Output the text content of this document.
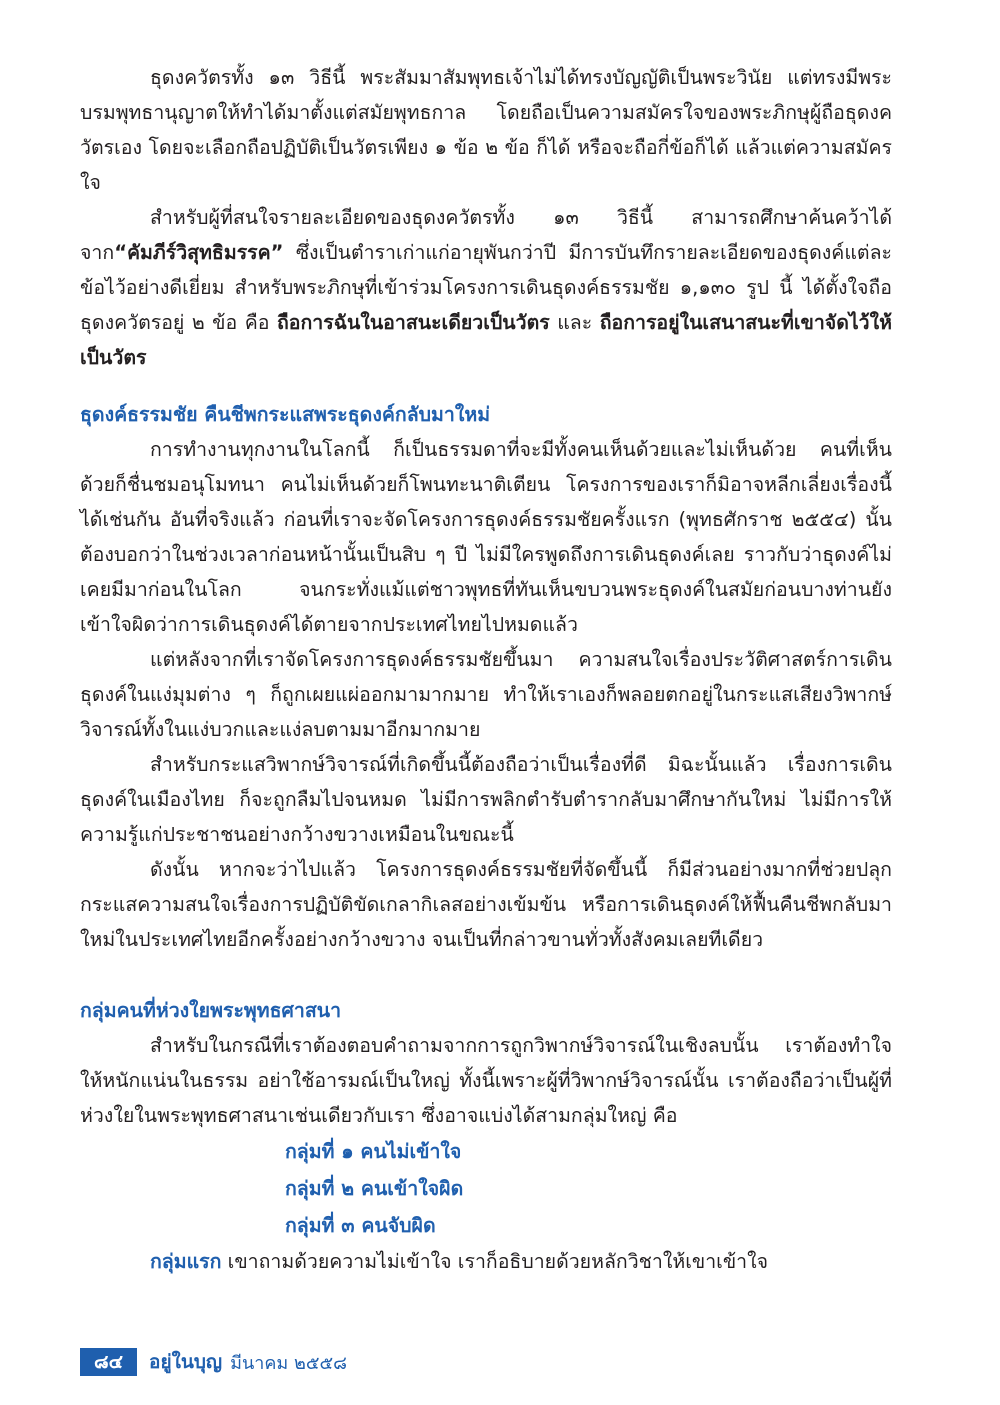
ธุดงควัตรทั้ง ๑๓ วิธีนี้ พระสัมมาสัมพุทธเจ้าไม่ได้ทรงบัญญัติเป็นพระวินัย แต่ทรงมีพระบรมพุทธานุญาตให้ทำได้มาตั้งแต่สมัยพุทธกาล โดยถือเป็นความสมัครใจของพระภิกษุผู้ถือธุดงควัตรเอง โดยจะเลือกถือปฏิบัติเป็นวัตรเพียง ๑ ข้อ ๒ ข้อ ก็ได้ หรือจะถือกี่ข้อก็ได้ แล้วแต่ความสมัครใจ

สำหรับผู้ที่สนใจรายละเอียดของธุดงควัตรทั้ง ๑๓ วิธีนี้ สามารถศึกษาค้นคว้าได้จาก“คัมภีร์วิสุทธิมรรค” ซึ่งเป็นตำราเก่าแก่อายุพันกว่าปี มีการบันทึกรายละเอียดของธุดงค์แต่ละข้อไว้อย่างดีเยี่ยม สำหรับพระภิกษุที่เข้าร่วมโครงการเดินธุดงค์ธรรมชัย ๑,๑๓๐ รูป นี้ ได้ตั้งใจถือธุดงควัตรอยู่ ๒ ข้อ คือ ถือการฉันในอาสนะเดียวเป็นวัตร และ ถือการอยู่ในเสนาสนะที่เขาจัดไว้ให้เป็นวัตร

ธุดงค์ธรรมชัย คืนชีพกระแสพระธุดงค์กลับมาใหม่

การทำงานทุกงานในโลกนี้ ก็เป็นธรรมดาที่จะมีทั้งคนเห็นด้วยและไม่เห็นด้วย คนที่เห็นด้วยก็ชื่นชมอนุโมทนา คนไม่เห็นด้วยก็โพนทะนาติเตียน โครงการของเราก็มิอาจหลีกเลี่ยงเรื่องนี้ได้เช่นกัน อันที่จริงแล้ว ก่อนที่เราจะจัดโครงการธุดงค์ธรรมชัยครั้งแรก (พุทธศักราช ๒๕๕๔) นั้น ต้องบอกว่าในช่วงเวลาก่อนหน้านั้นเป็นสิบ ๆ ปี ไม่มีใครพูดถึงการเดินธุดงค์เลย ราวกับว่าธุดงค์ไม่เคยมีมาก่อนในโลก จนกระทั่งแม้แต่ชาวพุทธที่ทันเห็นขบวนพระธุดงค์ในสมัยก่อนบางท่านยังเข้าใจผิดว่าการเดินธุดงค์ได้ตายจากประเทศไทยไปหมดแล้ว

แต่หลังจากที่เราจัดโครงการธุดงค์ธรรมชัยขึ้นมา ความสนใจเรื่องประวัติศาสตร์การเดินธุดงค์ในแง่มุมต่าง ๆ ก็ถูกเผยแผ่ออกมามากมาย ทำให้เราเองก็พลอยตกอยู่ในกระแสเสียงวิพากษ์วิจารณ์ทั้งในแง่บวกและแง่ลบตามมาอีกมากมาย

สำหรับกระแสวิพากษ์วิจารณ์ที่เกิดขึ้นนี้ต้องถือว่าเป็นเรื่องที่ดี มิฉะนั้นแล้ว เรื่องการเดินธุดงค์ในเมืองไทย ก็จะถูกลืมไปจนหมด ไม่มีการพลิกตำรับตำรากลับมาศึกษากันใหม่ ไม่มีการให้ความรู้แก่ประชาชนอย่างกว้างขวางเหมือนในขณะนี้

ดังนั้น หากจะว่าไปแล้ว โครงการธุดงค์ธรรมชัยที่จัดขึ้นนี้ ก็มีส่วนอย่างมากที่ช่วยปลุกกระแสความสนใจเรื่องการปฏิบัติขัดเกลากิเลสอย่างเข้มข้น หรือการเดินธุดงค์ให้ฟื้นคืนชีพกลับมาใหม่ในประเทศไทยอีกครั้งอย่างกว้างขวาง จนเป็นที่กล่าวขานทั่วทั้งสังคมเลยทีเดียว

กลุ่มคนที่ห่วงใยพระพุทธศาสนา

สำหรับในกรณีที่เราต้องตอบคำถามจากการถูกวิพากษ์วิจารณ์ในเชิงลบนั้น เราต้องทำใจให้หนักแน่นในธรรม อย่าใช้อารมณ์เป็นใหญ่ ทั้งนี้เพราะผู้ที่วิพากษ์วิจารณ์นั้น เราต้องถือว่าเป็นผู้ที่ห่วงใยในพระพุทธศาสนาเช่นเดียวกับเรา ซึ่งอาจแบ่งได้สามกลุ่มใหญ่ คือ

กลุ่มที่ ๑ คนไม่เข้าใจ
กลุ่มที่ ๒ คนเข้าใจผิด
กลุ่มที่ ๓ คนจับผิด

กลุ่มแรก เขาถามด้วยความไม่เข้าใจ เราก็อธิบายด้วยหลักวิชาให้เขาเข้าใจ

๘๔	อยู่ในบุญ มีนาคม ๒๕๕๘
